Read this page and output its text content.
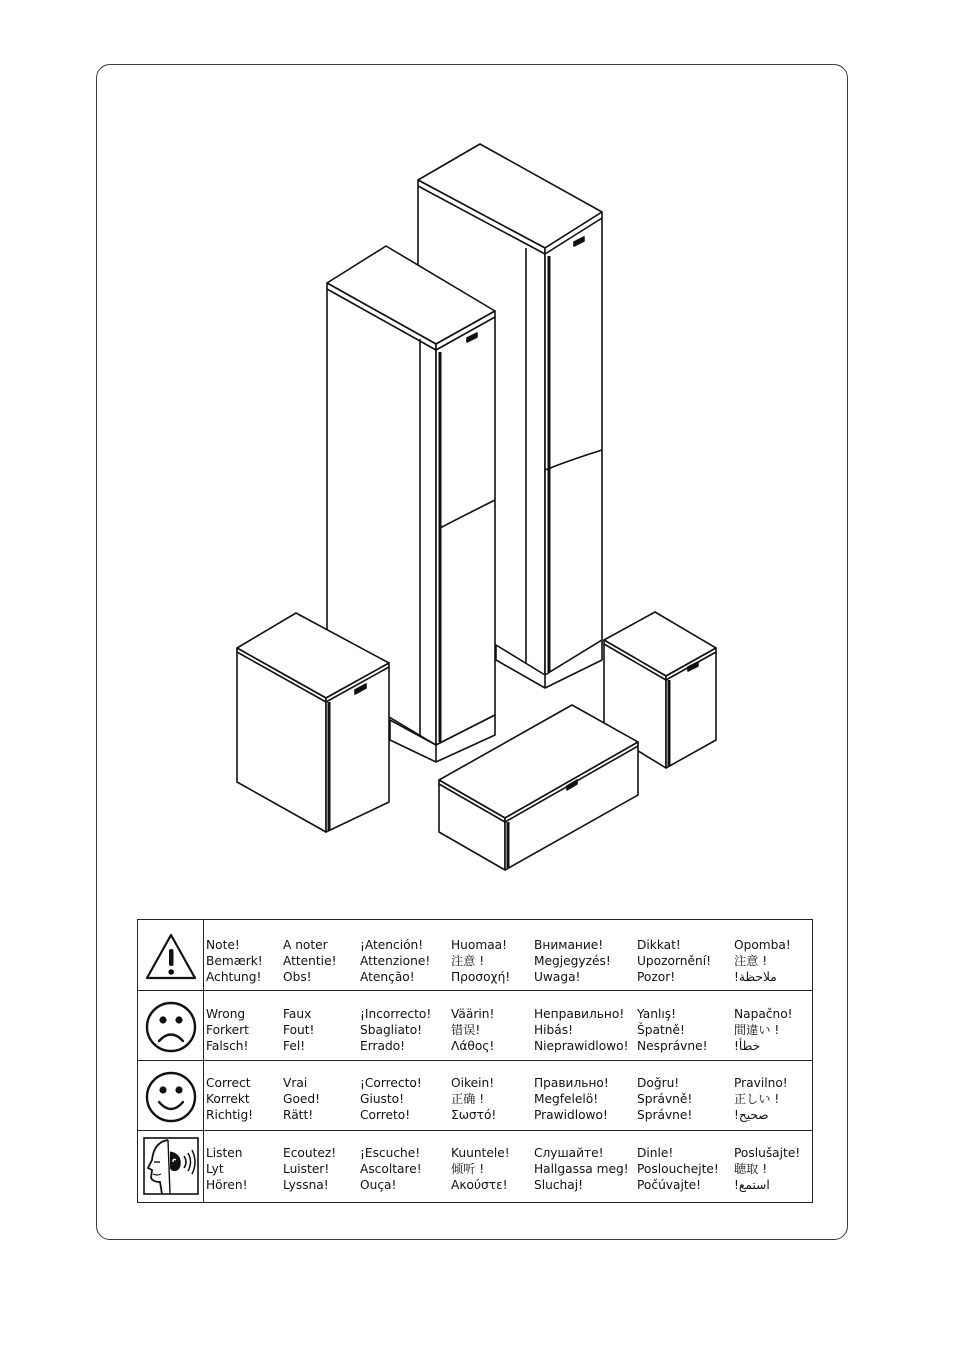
Note!
Bemærk!
Achtung!
A noter
Attentie!
Obs!
¡Atención!
Attenzione!
Atenção!
Huomaa!
注意 !
Προσοχή!
Внимание!
Megjegyzés!
Uwaga!
Dikkat!
Upozornění!
Pozor!
Opomba!
注意 !
!ملاحظة
Wrong
Forkert
Falsch!
Faux
Fout!
Fel!
¡Incorrecto!
Sbagliato!
Errado!
Väärin!
错误!
Λάθος!
Неправильно!
Hibás!
Nieprawidlowo!
Yanlış!
Špatně!
Nesprávne!
Napačno!
間違い !
!خطأ
Correct
Korrekt
Richtig!
Vrai
Goed!
Rätt!
¡Correcto!
Giusto!
Correto!
Oikein!
正确 !
Σωστό!
Правильно!
Megfelelö!
Prawidlowo!
Doğru!
Správně!
Správne!
Pravilno!
正しい !
!صحيح
Listen
Lyt
Hören!
Ecoutez!
Luister!
Lyssna!
¡Escuche!
Ascoltare!
Ouça!
Kuuntele!
倾听 !
Ακούστε!
Слушайте!
Hallgassa meg!
Sluchaj!
Dinle!
Poslouchejte!
Počúvajte!
Poslušajte!
聴取 !
!استمع
